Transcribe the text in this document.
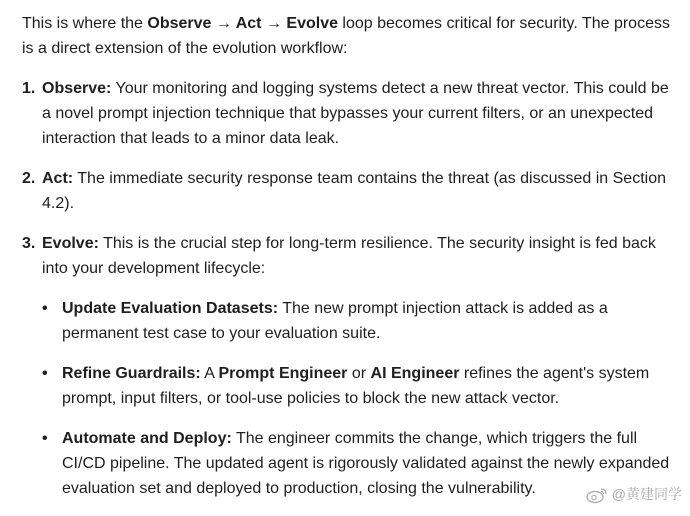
This is where the Observe → Act → Evolve loop becomes critical for security. The process is a direct extension of the evolution workflow:

1. Observe: Your monitoring and logging systems detect a new threat vector. This could be a novel prompt injection technique that bypasses your current filters, or an unexpected interaction that leads to a minor data leak.
2. Act: The immediate security response team contains the threat (as discussed in Section 4.2).
3. Evolve: This is the crucial step for long-term resilience. The security insight is fed back into your development lifecycle:
• Update Evaluation Datasets: The new prompt injection attack is added as a permanent test case to your evaluation suite.
• Refine Guardrails: A Prompt Engineer or AI Engineer refines the agent's system prompt, input filters, or tool-use policies to block the new attack vector.
• Automate and Deploy: The engineer commits the change, which triggers the full CI/CD pipeline. The updated agent is rigorously validated against the newly expanded evaluation set and deployed to production, closing the vulnerability.	@黄建同学
